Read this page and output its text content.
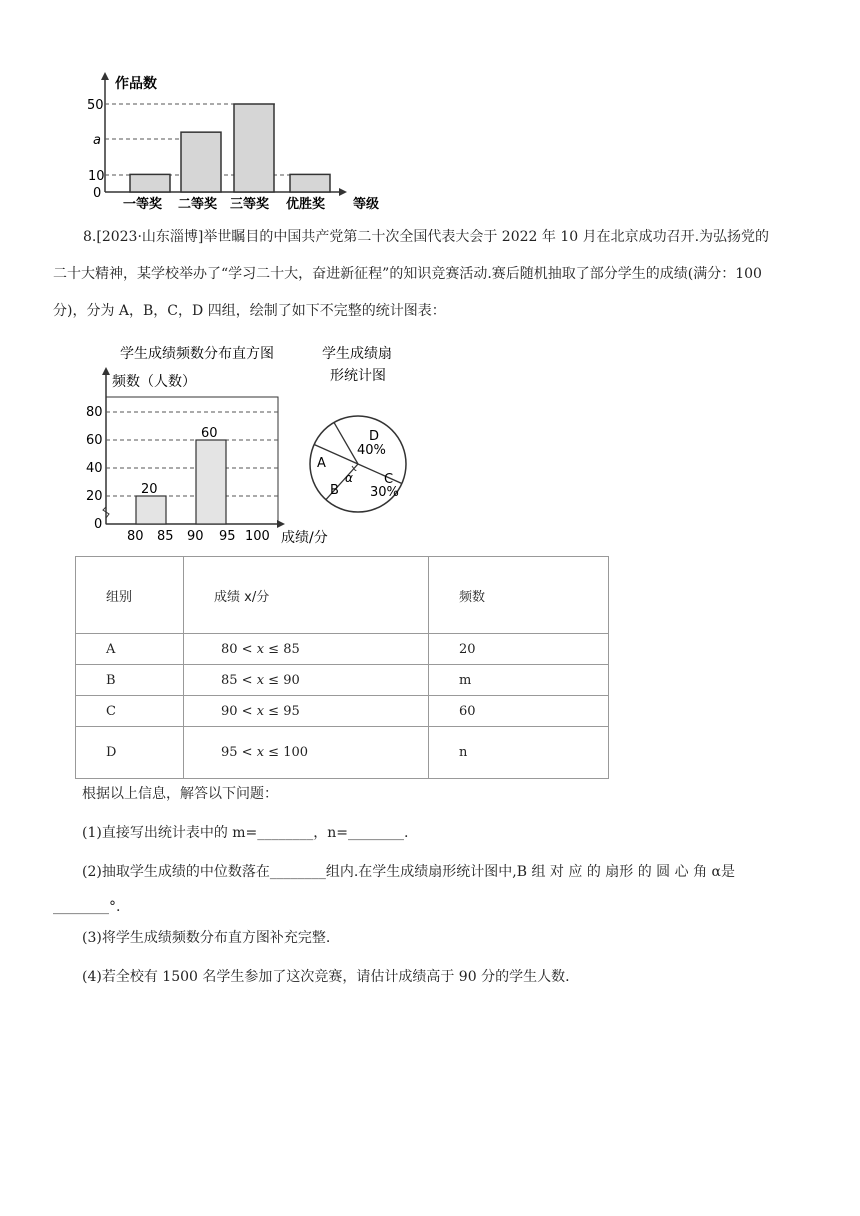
作品数
50
a
10
0
一等奖 二等奖 三等奖 优胜奖 等级
8.[2023·山东淄博]举世瞩目的中国共产党第二十次全国代表大会于 2022 年 10 月在北京成功召开.为弘扬党的
二十大精神，某学校举办了“学习二十大，奋进新征程”的知识竞赛活动.赛后随机抽取了部分学生的成绩(满分：100
分)，分为 A，B，C，D 四组，绘制了如下不完整的统计图表：
学生成绩频数分布直方图
频数（人数）
20
60
80
60
40
20
0
80 85 90 95 100 成绩/分
学生成绩扇
形统计图
D
40%
C
30%
A
B
α
组别	成绩 x/分	频数
A	80 < 𝑥 ≤ 85	20
B	85 < 𝑥 ≤ 90	m
C	90 < 𝑥 ≤ 95	60
D	95 < 𝑥 ≤ 100	n
根据以上信息，解答以下问题：
(1)直接写出统计表中的 m=________，n=________.
(2)抽取学生成绩的中位数落在________组内.在学生成绩扇形统计图中,B 组 对 应 的 扇形 的 圆 心 角 α是
________°.
(3)将学生成绩频数分布直方图补充完整.
(4)若全校有 1500 名学生参加了这次竞赛，请估计成绩高于 90 分的学生人数.
